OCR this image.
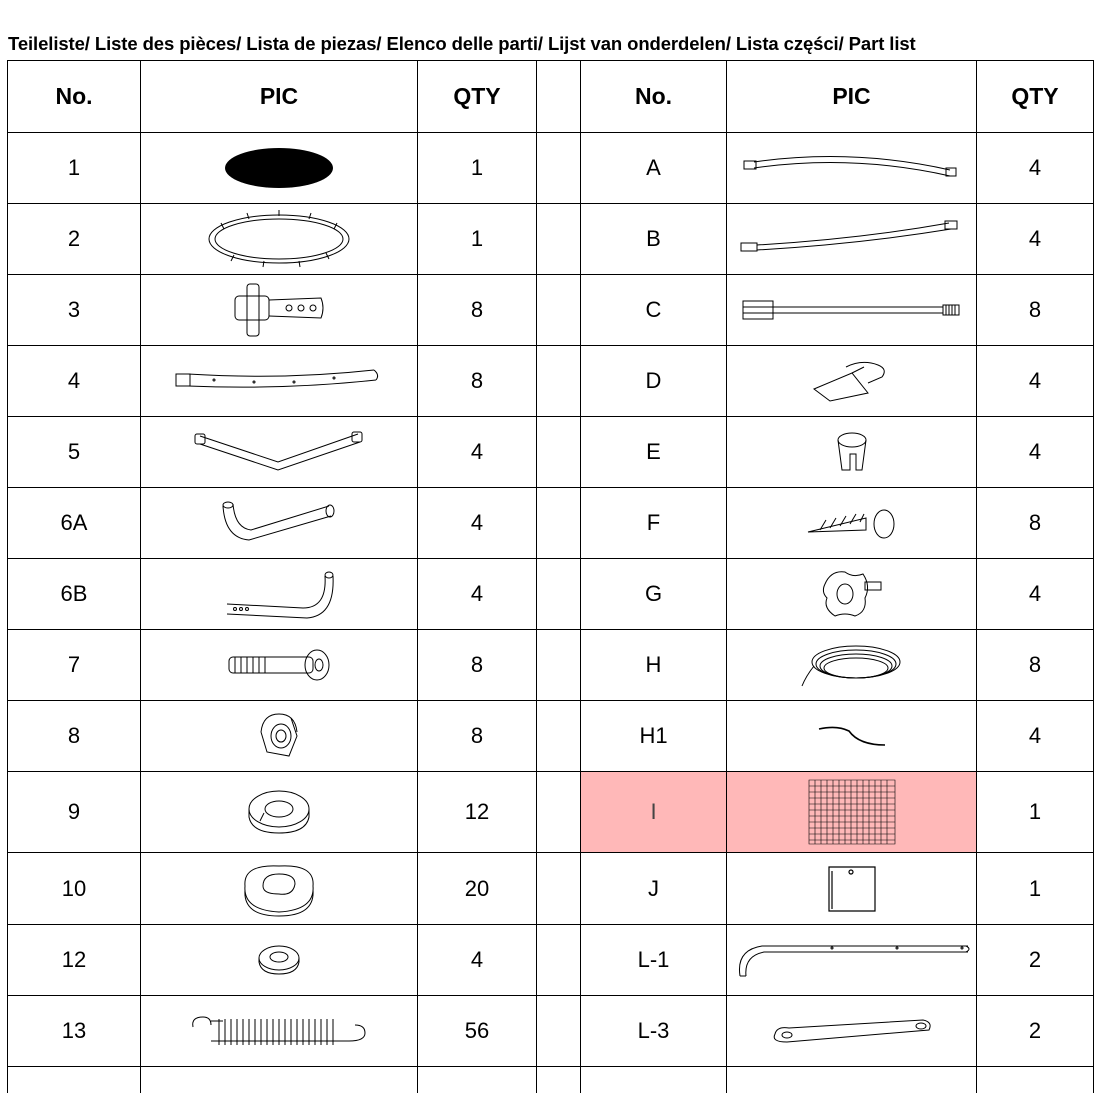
Teileliste/ Liste des pièces/ Lista de piezas/ Elenco delle parti/ Lijst van onderdelen/ Lista części/ Part list
No.	PIC	QTY		No.	PIC	QTY
1		1		A		4
2		1		B		4
3		8		C		8
4		8		D		4
5		4		E		4
6A		4		F		8
6B		4		G		4
7		8		H		8
8		8		H1		4
9		12		I		1
10		20		J		1
12		4		L-1		2
13		56		L-3		2
